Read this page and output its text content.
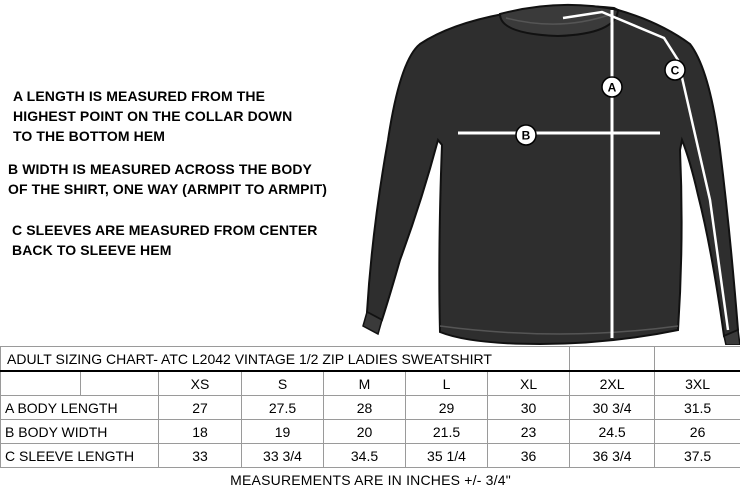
A LENGTH IS MEASURED FROM THE
HIGHEST POINT ON THE COLLAR DOWN
TO THE BOTTOM HEM
B WIDTH IS MEASURED ACROSS THE BODY
OF THE SHIRT, ONE WAY (ARMPIT TO ARMPIT)
C SLEEVES ARE MEASURED FROM CENTER
BACK TO SLEEVE HEM
A
B
C
ADULT SIZING CHART- ATC L2042 VINTAGE 1/2 ZIP LADIES SWEATSHIRT								
		XS	S	M	L	XL	2XL	3XL
A BODY LENGTH		27	27.5	28	29	30	30 3/4	31.5
B BODY WIDTH		18	19	20	21.5	23	24.5	26
C SLEEVE LENGTH		33	33 3/4	34.5	35 1/4	36	36 3/4	37.5
MEASUREMENTS ARE IN INCHES +/- 3/4"								
